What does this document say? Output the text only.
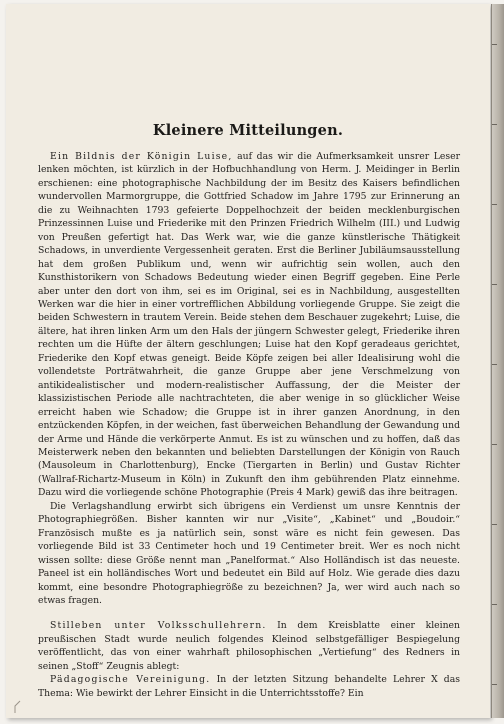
Kleinere Mitteilungen.

Ein Bildnis der Königin Luise, auf das wir die Aufmerksamkeit unsrer Leser lenken möchten, ist kürzlich in der Hofbuchhandlung von Herm. J. Meidinger in Berlin erschienen: eine photographische Nachbildung der im Besitz des Kaisers befindlichen wundervollen Marmorgruppe, die Gottfried Schadow im Jahre 1795 zur Erinnerung an die zu Weihnachten 1793 gefeierte Doppelhochzeit der beiden mecklenburgischen Prinzessinnen Luise und Friederike mit den Prinzen Friedrich Wilhelm (III.) und Ludwig von Preußen gefertigt hat. Das Werk war, wie die ganze künstlerische Thätigkeit Schadows, in unverdiente Vergessenheit geraten. Erst die Berliner Jubiläumsausstellung hat dem großen Publikum und, wenn wir aufrichtig sein wollen, auch den Kunsthistorikern von Schadows Bedeutung wieder einen Begriff gegeben. Eine Perle aber unter den dort von ihm, sei es im Original, sei es in Nachbildung, ausgestellten Werken war die hier in einer vortrefflichen Abbildung vorliegende Gruppe. Sie zeigt die beiden Schwestern in trautem Verein. Beide stehen dem Beschauer zugekehrt; Luise, die ältere, hat ihren linken Arm um den Hals der jüngern Schwester gelegt, Friederike ihren rechten um die Hüfte der ältern geschlungen; Luise hat den Kopf geradeaus gerichtet, Friederike den Kopf etwas geneigt. Beide Köpfe zeigen bei aller Idealisirung wohl die vollendetste Porträtwahrheit, die ganze Gruppe aber jene Verschmelzung von antikidealistischer und modern-realistischer Auffassung, der die Meister der klassizistischen Periode alle nachtrachteten, die aber wenige in so glücklicher Weise erreicht haben wie Schadow; die Gruppe ist in ihrer ganzen Anordnung, in den entzückenden Köpfen, in der weichen, fast überweichen Behandlung der Gewandung und der Arme und Hände die verkörperte Anmut. Es ist zu wünschen und zu hoffen, daß das Meisterwerk neben den bekannten und beliebten Darstellungen der Königin von Rauch (Mausoleum in Charlottenburg), Encke (Tiergarten in Berlin) und Gustav Richter (Wallraf-Richartz-Museum in Köln) in Zukunft den ihm gebührenden Platz einnehme. Dazu wird die vorliegende schöne Photographie (Preis 4 Mark) gewiß das ihre beitragen.

Die Verlagshandlung erwirbt sich übrigens ein Verdienst um unsre Kenntnis der Photographiegrößen. Bisher kannten wir nur „Visite“, „Kabinet“ und „Boudoir.“ Französisch mußte es ja natürlich sein, sonst wäre es nicht fein gewesen. Das vorliegende Bild ist 33 Centimeter hoch und 19 Centimeter breit. Wer es noch nicht wissen sollte: diese Größe nennt man „Panelformat.“ Also Holländisch ist das neueste. Paneel ist ein holländisches Wort und bedeutet ein Bild auf Holz. Wie gerade dies dazu kommt, eine besondre Photographiegröße zu bezeichnen? Ja, wer wird auch nach so etwas fragen.

Stilleben unter Volksschullehrern. In dem Kreisblatte einer kleinen preußischen Stadt wurde neulich folgendes Kleinod selbstgefälliger Bespiegelung veröffentlicht, das von einer wahrhaft philosophischen „Vertiefung“ des Redners in seinen „Stoff“ Zeugnis ablegt:

Pädagogische Vereinigung. In der letzten Sitzung behandelte Lehrer X das Thema: Wie bewirkt der Lehrer Einsicht in die Unterrichtsstoffe? Ein
